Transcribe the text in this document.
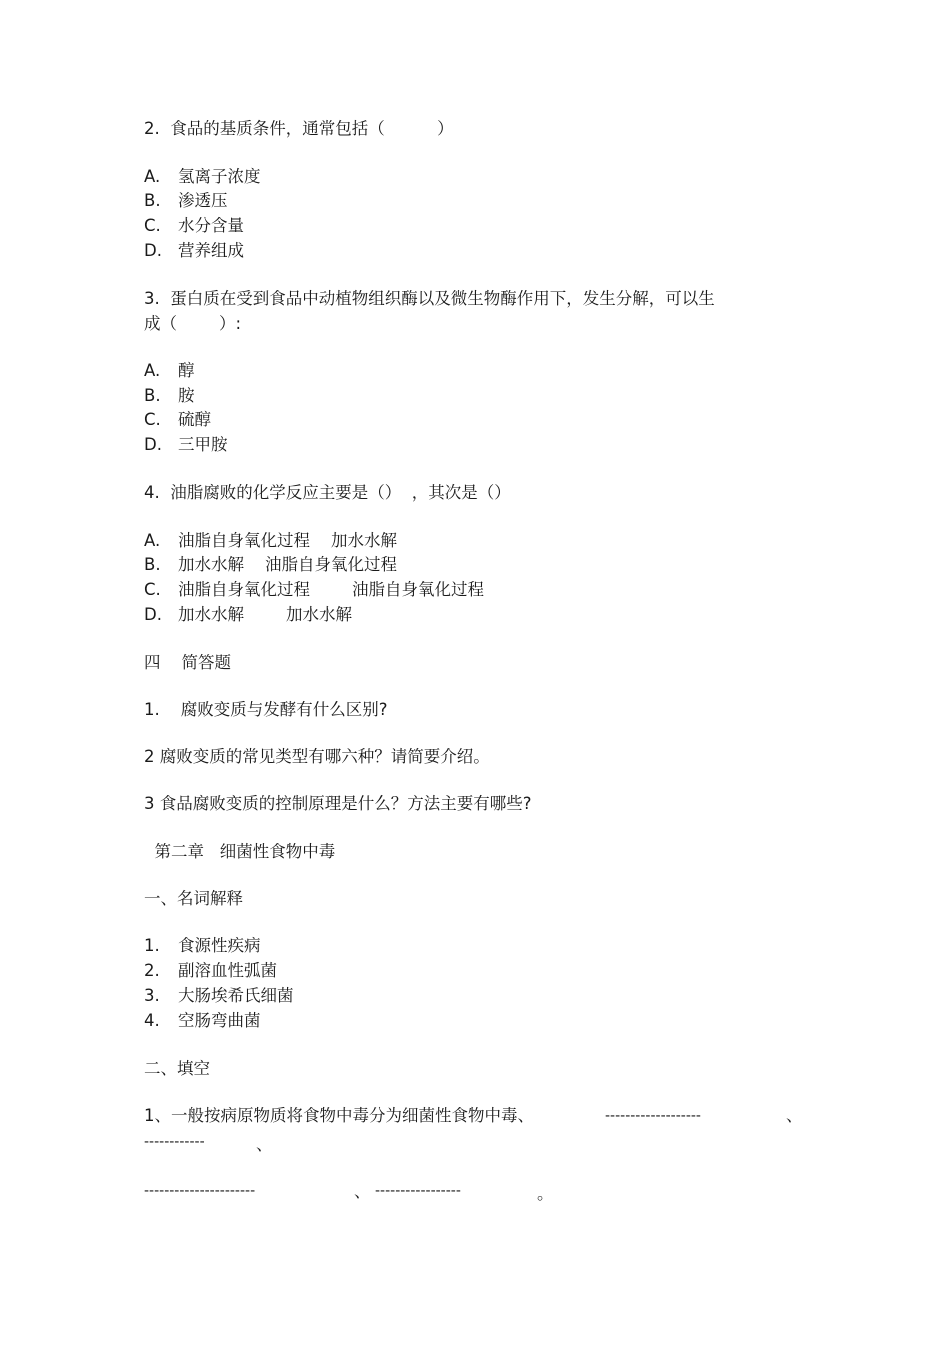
2.  食品的基质条件，通常包括（          ）
A. 氢离子浓度
B. 渗透压
C. 水分含量
D. 营养组成
3.  蛋白质在受到食品中动植物组织酶以及微生物酶作用下，发生分解，可以生
成（        ）:
A. 醇
B. 胺
C. 硫醇
D. 三甲胺
4.  油脂腐败的化学反应主要是（）  ，其次是（）
A. 油脂自身氧化过程    加水水解
B. 加水水解    油脂自身氧化过程
C. 油脂自身氧化过程        油脂自身氧化过程
D. 加水水解        加水水解
四    简答题
1.    腐败变质与发酵有什么区别?
2 腐败变质的常见类型有哪六种？请简要介绍。
3 食品腐败变质的控制原理是什么？方法主要有哪些?
第二章   细菌性食物中毒
一、名词解释
1. 食源性疾病
2. 副溶血性弧菌
3. 大肠埃希氏细菌
4. 空肠弯曲菌
二、填空
1、一般按病原物质将食物中毒分为细菌性食物中毒、	-------------------	、
------------	、
----------------------	、 -----------------	。
